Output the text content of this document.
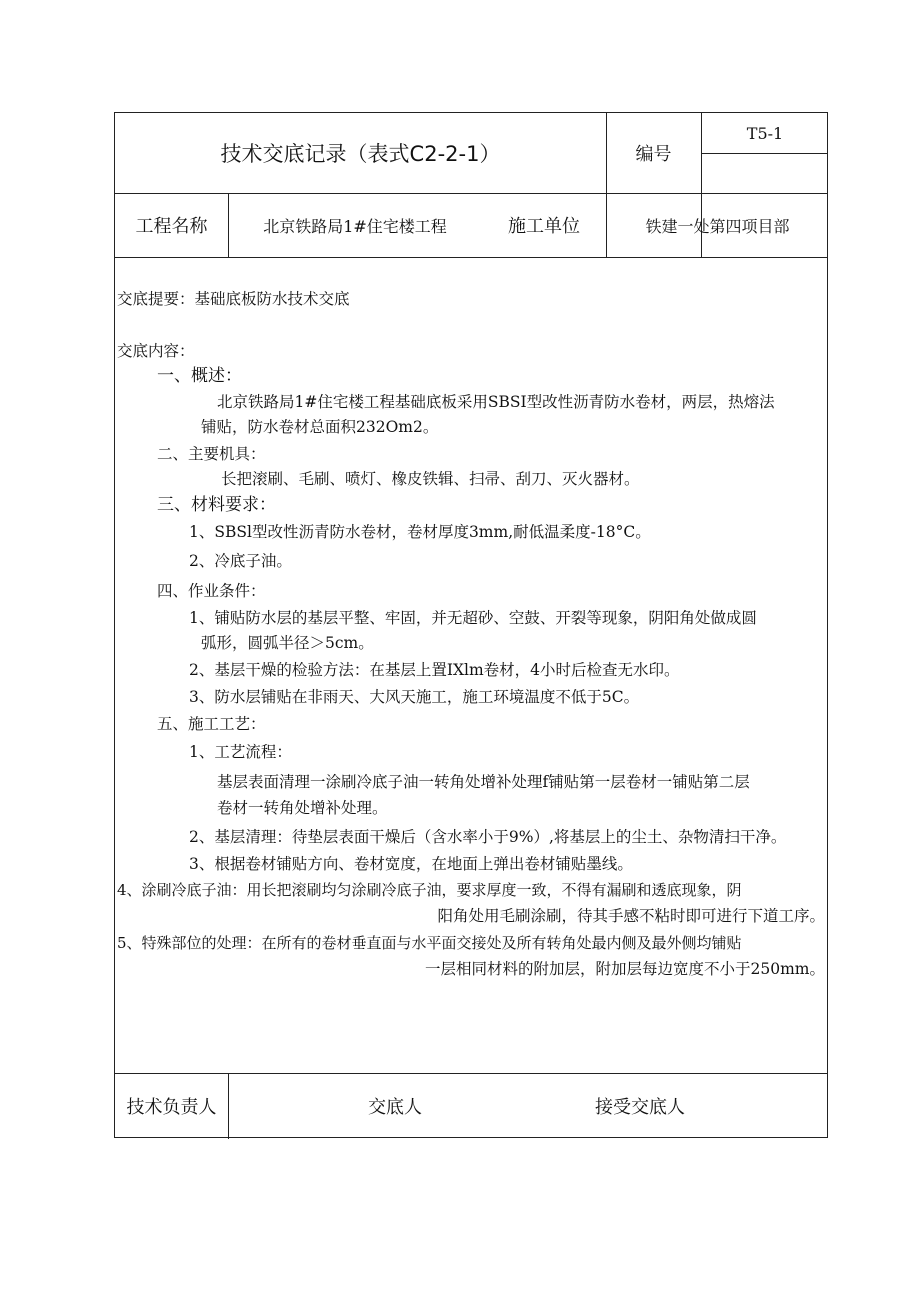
技术交底记录（表式C2-2-1）	编号
T5-1
工程名称	北京铁路局1#住宅楼工程	施工单位	铁建一处第四项目部
交底提要：基础底板防水技术交底
交底内容：
一、概述：
北京铁路局1#住宅楼工程基础底板采用SBSI型改性沥青防水卷材，两层，热熔法
铺贴，防水卷材总面积232Om2。
二、主要机具：
长把滚刷、毛刷、喷灯、橡皮铁辑、扫帚、刮刀、灭火器材。
三、材料要求：
1、SBSl型改性沥青防水卷材，卷材厚度3mm,耐低温柔度-18°C。
2、冷底子油。
四、作业条件：
1、铺贴防水层的基层平整、牢固，并无超砂、空鼓、开裂等现象，阴阳角处做成圆
弧形，圆弧半径＞5cm。
2、基层干燥的检验方法：在基层上置IXlm卷材，4小时后检查无水印。
3、防水层铺贴在非雨天、大风天施工，施工环境温度不低于5C。
五、施工工艺：
1、工艺流程：
基层表面清理一涂刷冷底子油一转角处增补处理f铺贴第一层卷材一铺贴第二层
卷材一转角处增补处理。
2、基层清理：待垫层表面干燥后（含水率小于9%）,将基层上的尘土、杂物清扫干净。
3、根据卷材铺贴方向、卷材宽度，在地面上弹出卷材铺贴墨线。
4、涂刷冷底子油：用长把滚刷均匀涂刷冷底子油，要求厚度一致，不得有漏刷和透底现象，阴
阳角处用毛刷涂刷，待其手感不粘时即可进行下道工序。
5、特殊部位的处理：在所有的卷材垂直面与水平面交接处及所有转角处最内侧及最外侧均铺贴
一层相同材料的附加层，附加层每边宽度不小于250mm。
技术负责人	交底人	接受交底人
